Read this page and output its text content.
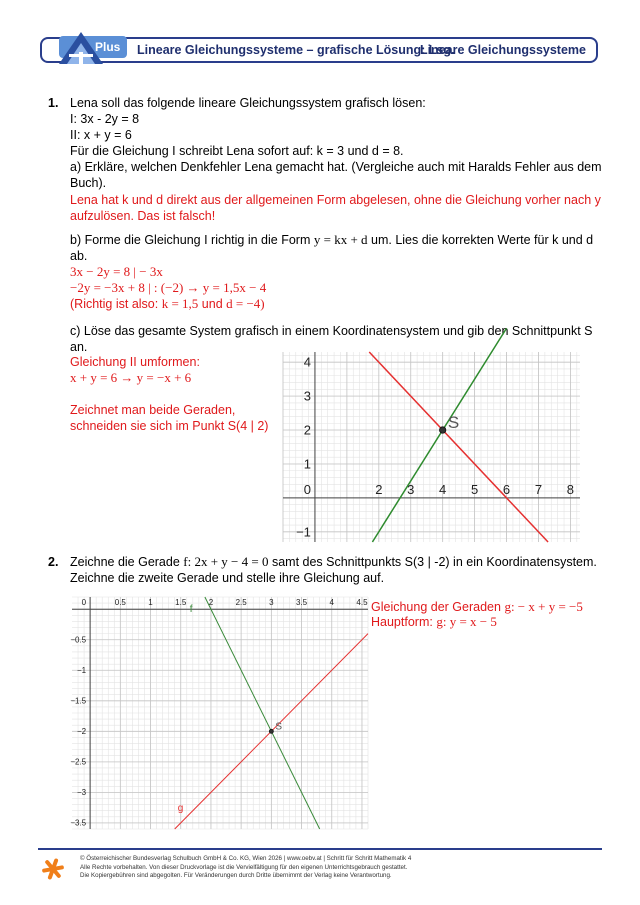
Lineare Gleichungssysteme – grafische Lösung: Lsg.
Lineare Gleichungssysteme
Plus
1. Lena soll das folgende lineare Gleichungssystem grafisch lösen:
I: 3x - 2y = 8
II: x + y = 6
Für die Gleichung I schreibt Lena sofort auf: k = 3 und d = 8.
a) Erkläre, welchen Denkfehler Lena gemacht hat. (Vergleiche auch mit Haralds Fehler aus dem
Buch).
Lena hat k und d direkt aus der allgemeinen Form abgelesen, ohne die Gleichung vorher nach y
aufzulösen. Das ist falsch!
b) Forme die Gleichung I richtig in die Form y = kx + d um. Lies die korrekten Werte für k und d
ab.
3x − 2y = 8 | − 3x
−2y = −3x + 8 | : (−2) → y = 1,5x − 4
(Richtig ist also: k = 1,5 und d = −4)
c) Löse das gesamte System grafisch in einem Koordinatensystem und gib den Schnittpunkt S
an.
Gleichung II umformen:
x + y = 6 → y = −x + 6
Zeichnet man beide Geraden,
schneiden sie sich im Punkt S(4 | 2)
2 3 4 5 6 7 8
4
3
2
1
−1
0
S
2. Zeichne die Gerade f: 2x + y − 4 = 0 samt des Schnittpunkts S(3 | -2) in ein Koordinatensystem.
Zeichne die zweite Gerade und stelle ihre Gleichung auf.
Gleichung der Geraden g: − x + y = −5
Hauptform: g: y = x − 5
0.5	1	1.5	2	2.5	3	3.5	4	4.5
−0.5
−1
−1.5
−2
−2.5
−3
−3.5
0
S
f
g
© Österreichischer Bundesverlag Schulbuch GmbH & Co. KG, Wien 2026 | www.oebv.at | Schritt für Schritt Mathematik 4
Alle Rechte vorbehalten. Von dieser Druckvorlage ist die Vervielfältigung für den eigenen Unterrichtsgebrauch gestattet.
Die Kopiergebühren sind abgegolten. Für Veränderungen durch Dritte übernimmt der Verlag keine Verantwortung.
